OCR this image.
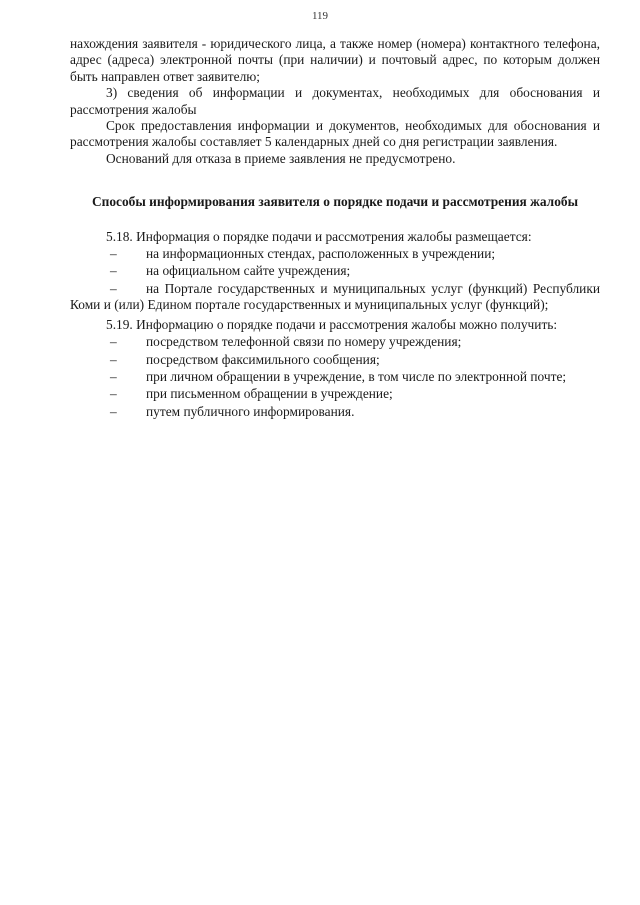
119

нахождения заявителя - юридического лица, а также номер (номера) контактного телефона, адрес (адреса) электронной почты (при наличии) и почтовый адрес, по которым должен быть направлен ответ заявителю;

3) сведения об информации и документах, необходимых для обоснования и рассмотрения жалобы

Срок предоставления информации и документов, необходимых для обоснования и рассмотрения жалобы составляет 5 календарных дней со дня регистрации заявления.

Оснований для отказа в приеме заявления не предусмотрено.

Способы информирования заявителя о порядке подачи и рассмотрения жалобы

5.18. Информация о порядке подачи и рассмотрения жалобы размещается:

–	на информационных стендах, расположенных в учреждении;
–	на официальном сайте учреждения;

– на Портале государственных и муниципальных услуг (функций) Республики Коми и (или) Едином портале государственных и муниципальных услуг (функций);

5.19. Информацию о порядке подачи и рассмотрения жалобы можно получить:

–	посредством телефонной связи по номеру учреждения;
–	посредством факсимильного сообщения;

– при личном обращении в учреждение, в том числе по электронной почте;

–	при письменном обращении в учреждение;
–	путем публичного информирования.
